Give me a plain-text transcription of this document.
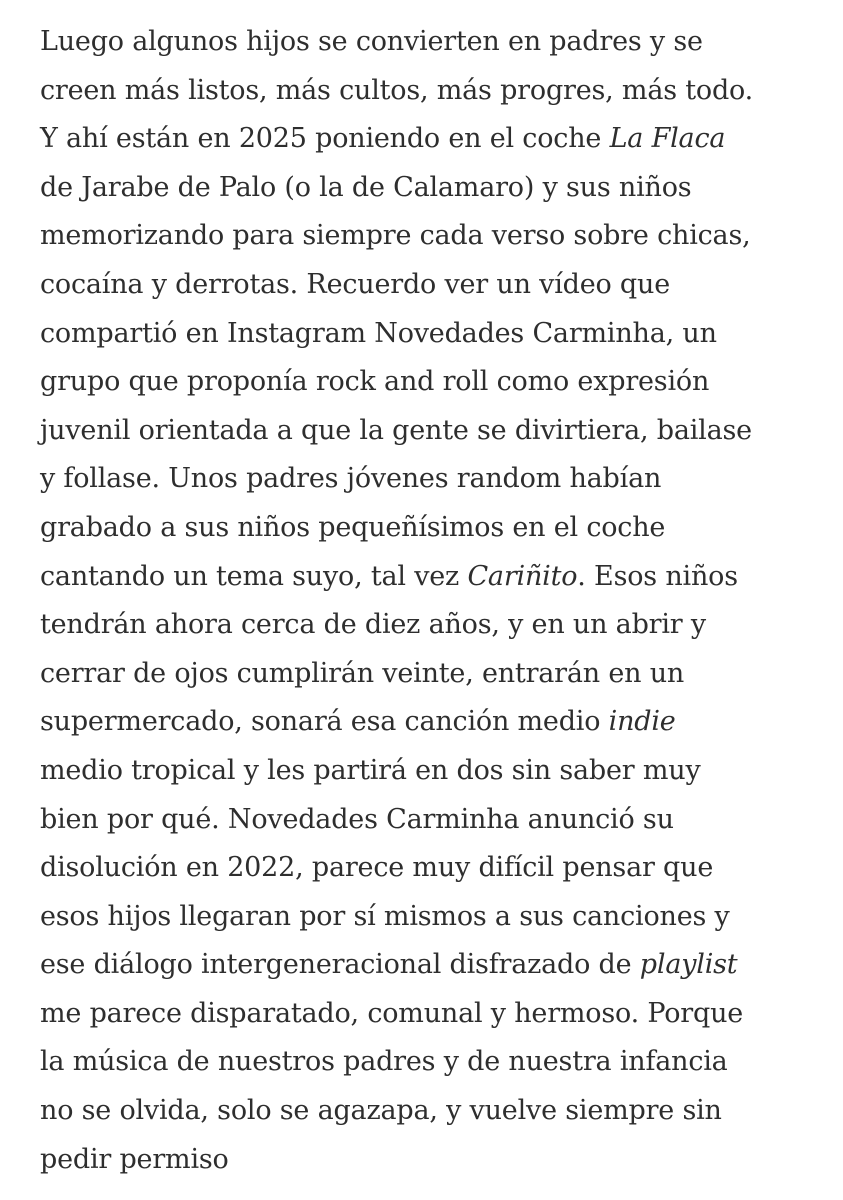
Luego algunos hijos se convierten en padres y se
creen más listos, más cultos, más progres, más todo.
Y ahí están en 2025 poniendo en el coche La Flaca
de Jarabe de Palo (o la de Calamaro) y sus niños
memorizando para siempre cada verso sobre chicas,
cocaína y derrotas. Recuerdo ver un vídeo que
compartió en Instagram Novedades Carminha, un
grupo que proponía rock and roll como expresión
juvenil orientada a que la gente se divirtiera, bailase
y follase. Unos padres jóvenes random habían
grabado a sus niños pequeñísimos en el coche
cantando un tema suyo, tal vez Cariñito. Esos niños
tendrán ahora cerca de diez años, y en un abrir y
cerrar de ojos cumplirán veinte, entrarán en un
supermercado, sonará esa canción medio indie
medio tropical y les partirá en dos sin saber muy
bien por qué. Novedades Carminha anunció su
disolución en 2022, parece muy difícil pensar que
esos hijos llegaran por sí mismos a sus canciones y
ese diálogo intergeneracional disfrazado de playlist
me parece disparatado, comunal y hermoso. Porque
la música de nuestros padres y de nuestra infancia
no se olvida, solo se agazapa, y vuelve siempre sin
pedir permiso
